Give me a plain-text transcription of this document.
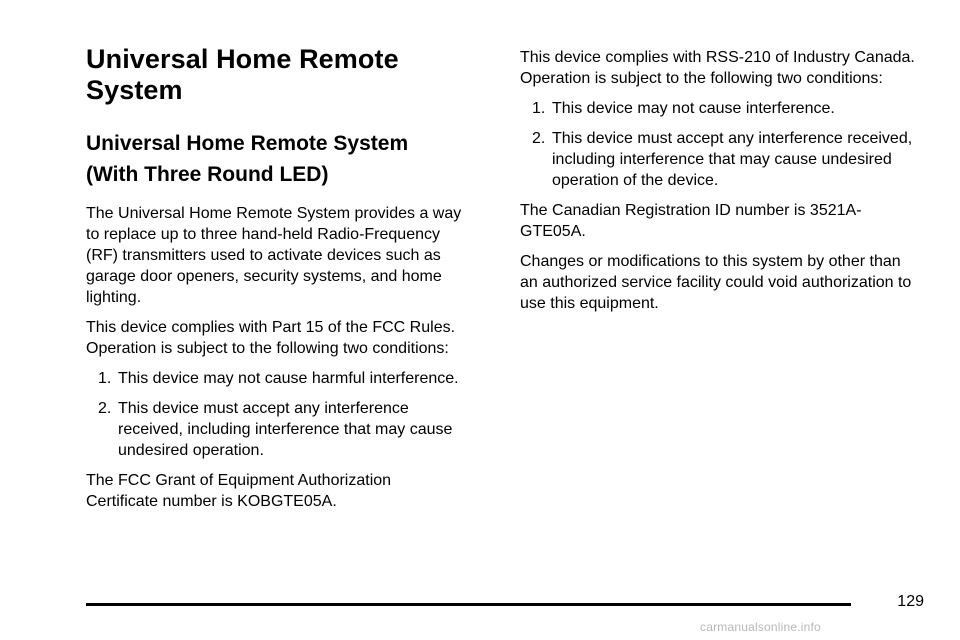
Universal Home Remote System
Universal Home Remote System (With Three Round LED)

The Universal Home Remote System provides a way to replace up to three hand-held Radio-Frequency (RF) transmitters used to activate devices such as garage door openers, security systems, and home lighting.

This device complies with Part 15 of the FCC Rules. Operation is subject to the following two conditions:

1. This device may not cause harmful interference.
2. This device must accept any interference received, including interference that may cause undesired operation.

The FCC Grant of Equipment Authorization Certificate number is KOBGTE05A.

This device complies with RSS-210 of Industry Canada. Operation is subject to the following two conditions:

1. This device may not cause interference.
2. This device must accept any interference received, including interference that may cause undesired operation of the device.

The Canadian Registration ID number is 3521A-GTE05A.

Changes or modifications to this system by other than an authorized service facility could void authorization to use this equipment.

129
carmanualsonline.info
